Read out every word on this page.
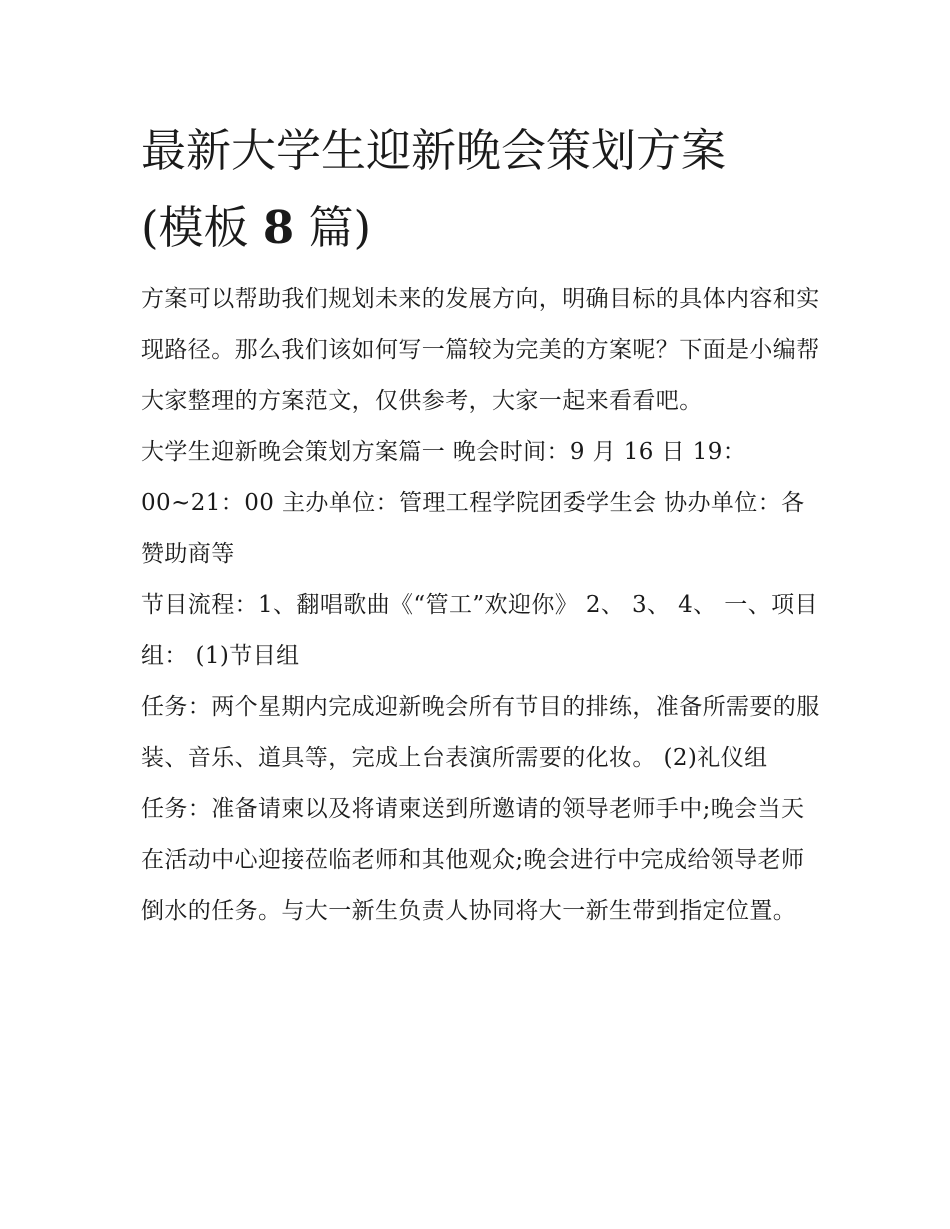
最新大学生迎新晚会策划方案
(模板 8 篇)

方案可以帮助我们规划未来的发展方向，明确目标的具体内容和实现路径。那么我们该如何写一篇较为完美的方案呢？下面是小编帮大家整理的方案范文，仅供参考，大家一起来看看吧。

大学生迎新晚会策划方案篇一 晚会时间：9 月 16 日 19：00~21：00 主办单位：管理工程学院团委学生会 协办单位：各赞助商等

节目流程：1、翻唱歌曲《“管工”欢迎你》 2、 3、 4、 一、项目组： (1)节目组

任务：两个星期内完成迎新晚会所有节目的排练，准备所需要的服装、音乐、道具等，完成上台表演所需要的化妆。 (2)礼仪组

任务：准备请柬以及将请柬送到所邀请的领导老师手中;晚会当天在活动中心迎接莅临老师和其他观众;晚会进行中完成给领导老师倒水的任务。与大一新生负责人协同将大一新生带到指定位置。
